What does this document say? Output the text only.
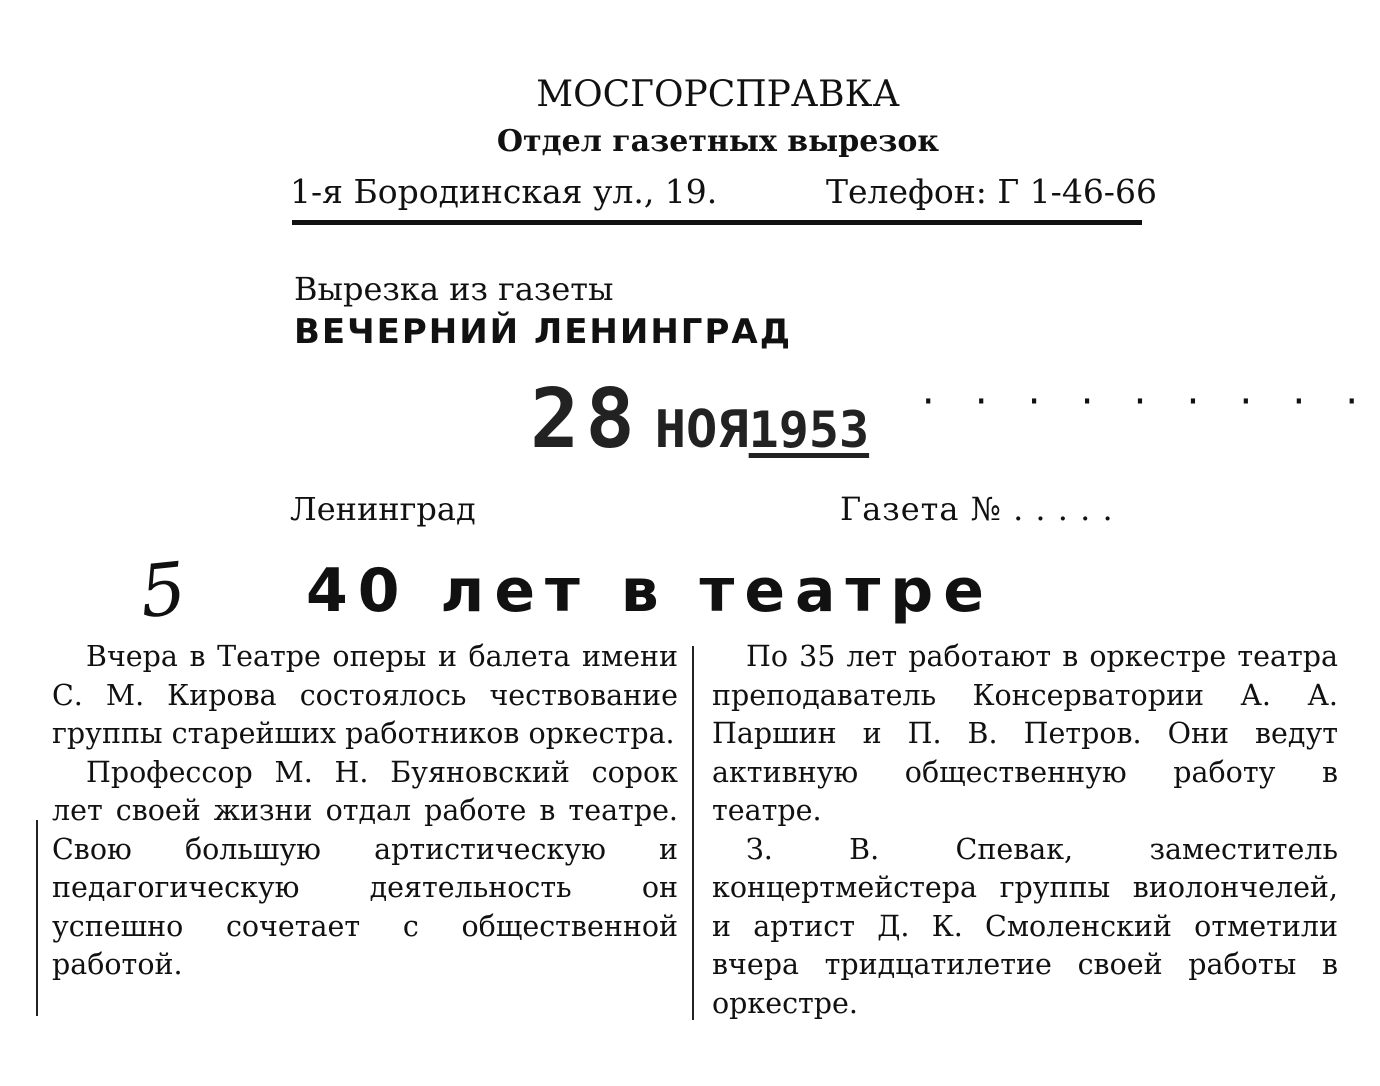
МОСГОРСПРАВКА
Отдел газетных вырезок
1-я Бородинская ул., 19.	Телефон: Г 1-46-66
Вырезка из газеты
ВЕЧЕРНИЙ ЛЕНИНГРАД
28 НОЯ1953 · · · · · · · · ·
Ленинград	Газета № . . . . .
5	40 лет в театре

Вчера в Театре оперы и балета имени С. М. Кирова состоялось чествование группы старейших работников оркестра.

Профессор М. Н. Буяновский сорок лет своей жизни отдал работе в театре. Свою большую артистическую и педагогическую деятельность он успешно сочетает с общественной работой.

По 35 лет работают в оркестре театра преподаватель Консерватории А. А. Паршин и П. В. Петров. Они ведут активную общественную работу в театре.

З. В. Спевак, заместитель концертмейстера группы виолончелей, и артист Д. К. Смоленский отметили вчера тридцатилетие своей работы в оркестре.
